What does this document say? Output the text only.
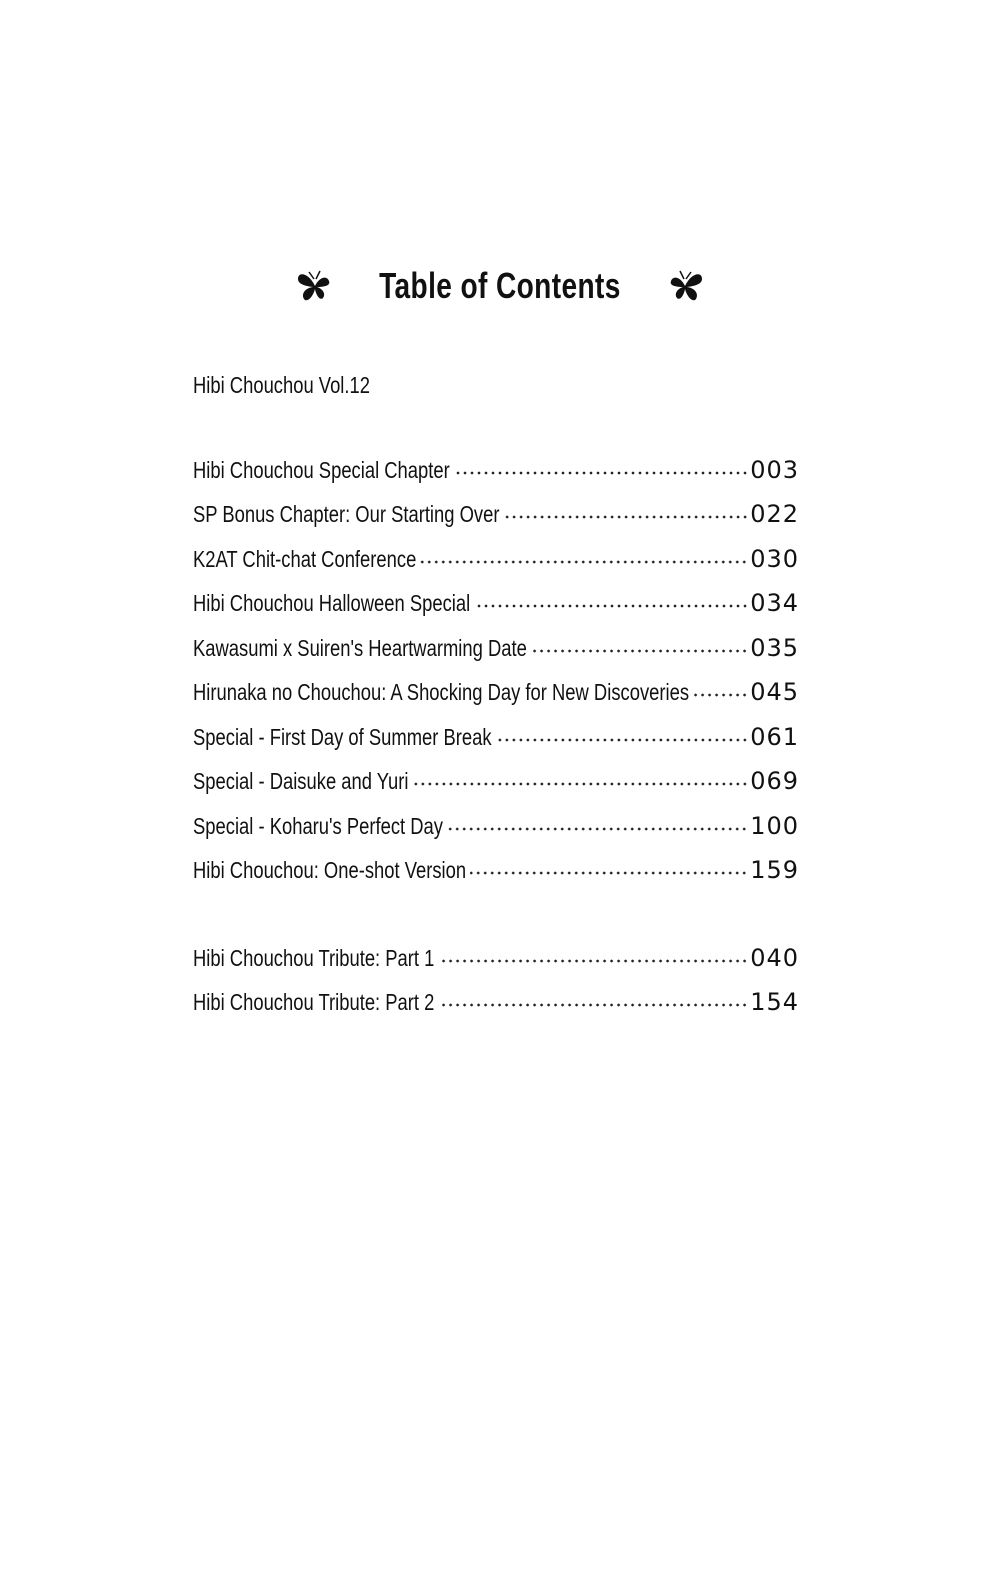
Table of Contents
Hibi Chouchou Vol.12
Hibi Chouchou Special Chapter	003
SP Bonus Chapter: Our Starting Over	022
K2AT Chit-chat Conference	030
Hibi Chouchou Halloween Special	034
Kawasumi x Suiren's Heartwarming Date	035
Hirunaka no Chouchou: A Shocking Day for New Discoveries	045
Special - First Day of Summer Break	061
Special - Daisuke and Yuri	069
Special - Koharu's Perfect Day	100
Hibi Chouchou: One-shot Version	159
Hibi Chouchou Tribute: Part 1	040
Hibi Chouchou Tribute: Part 2	154
